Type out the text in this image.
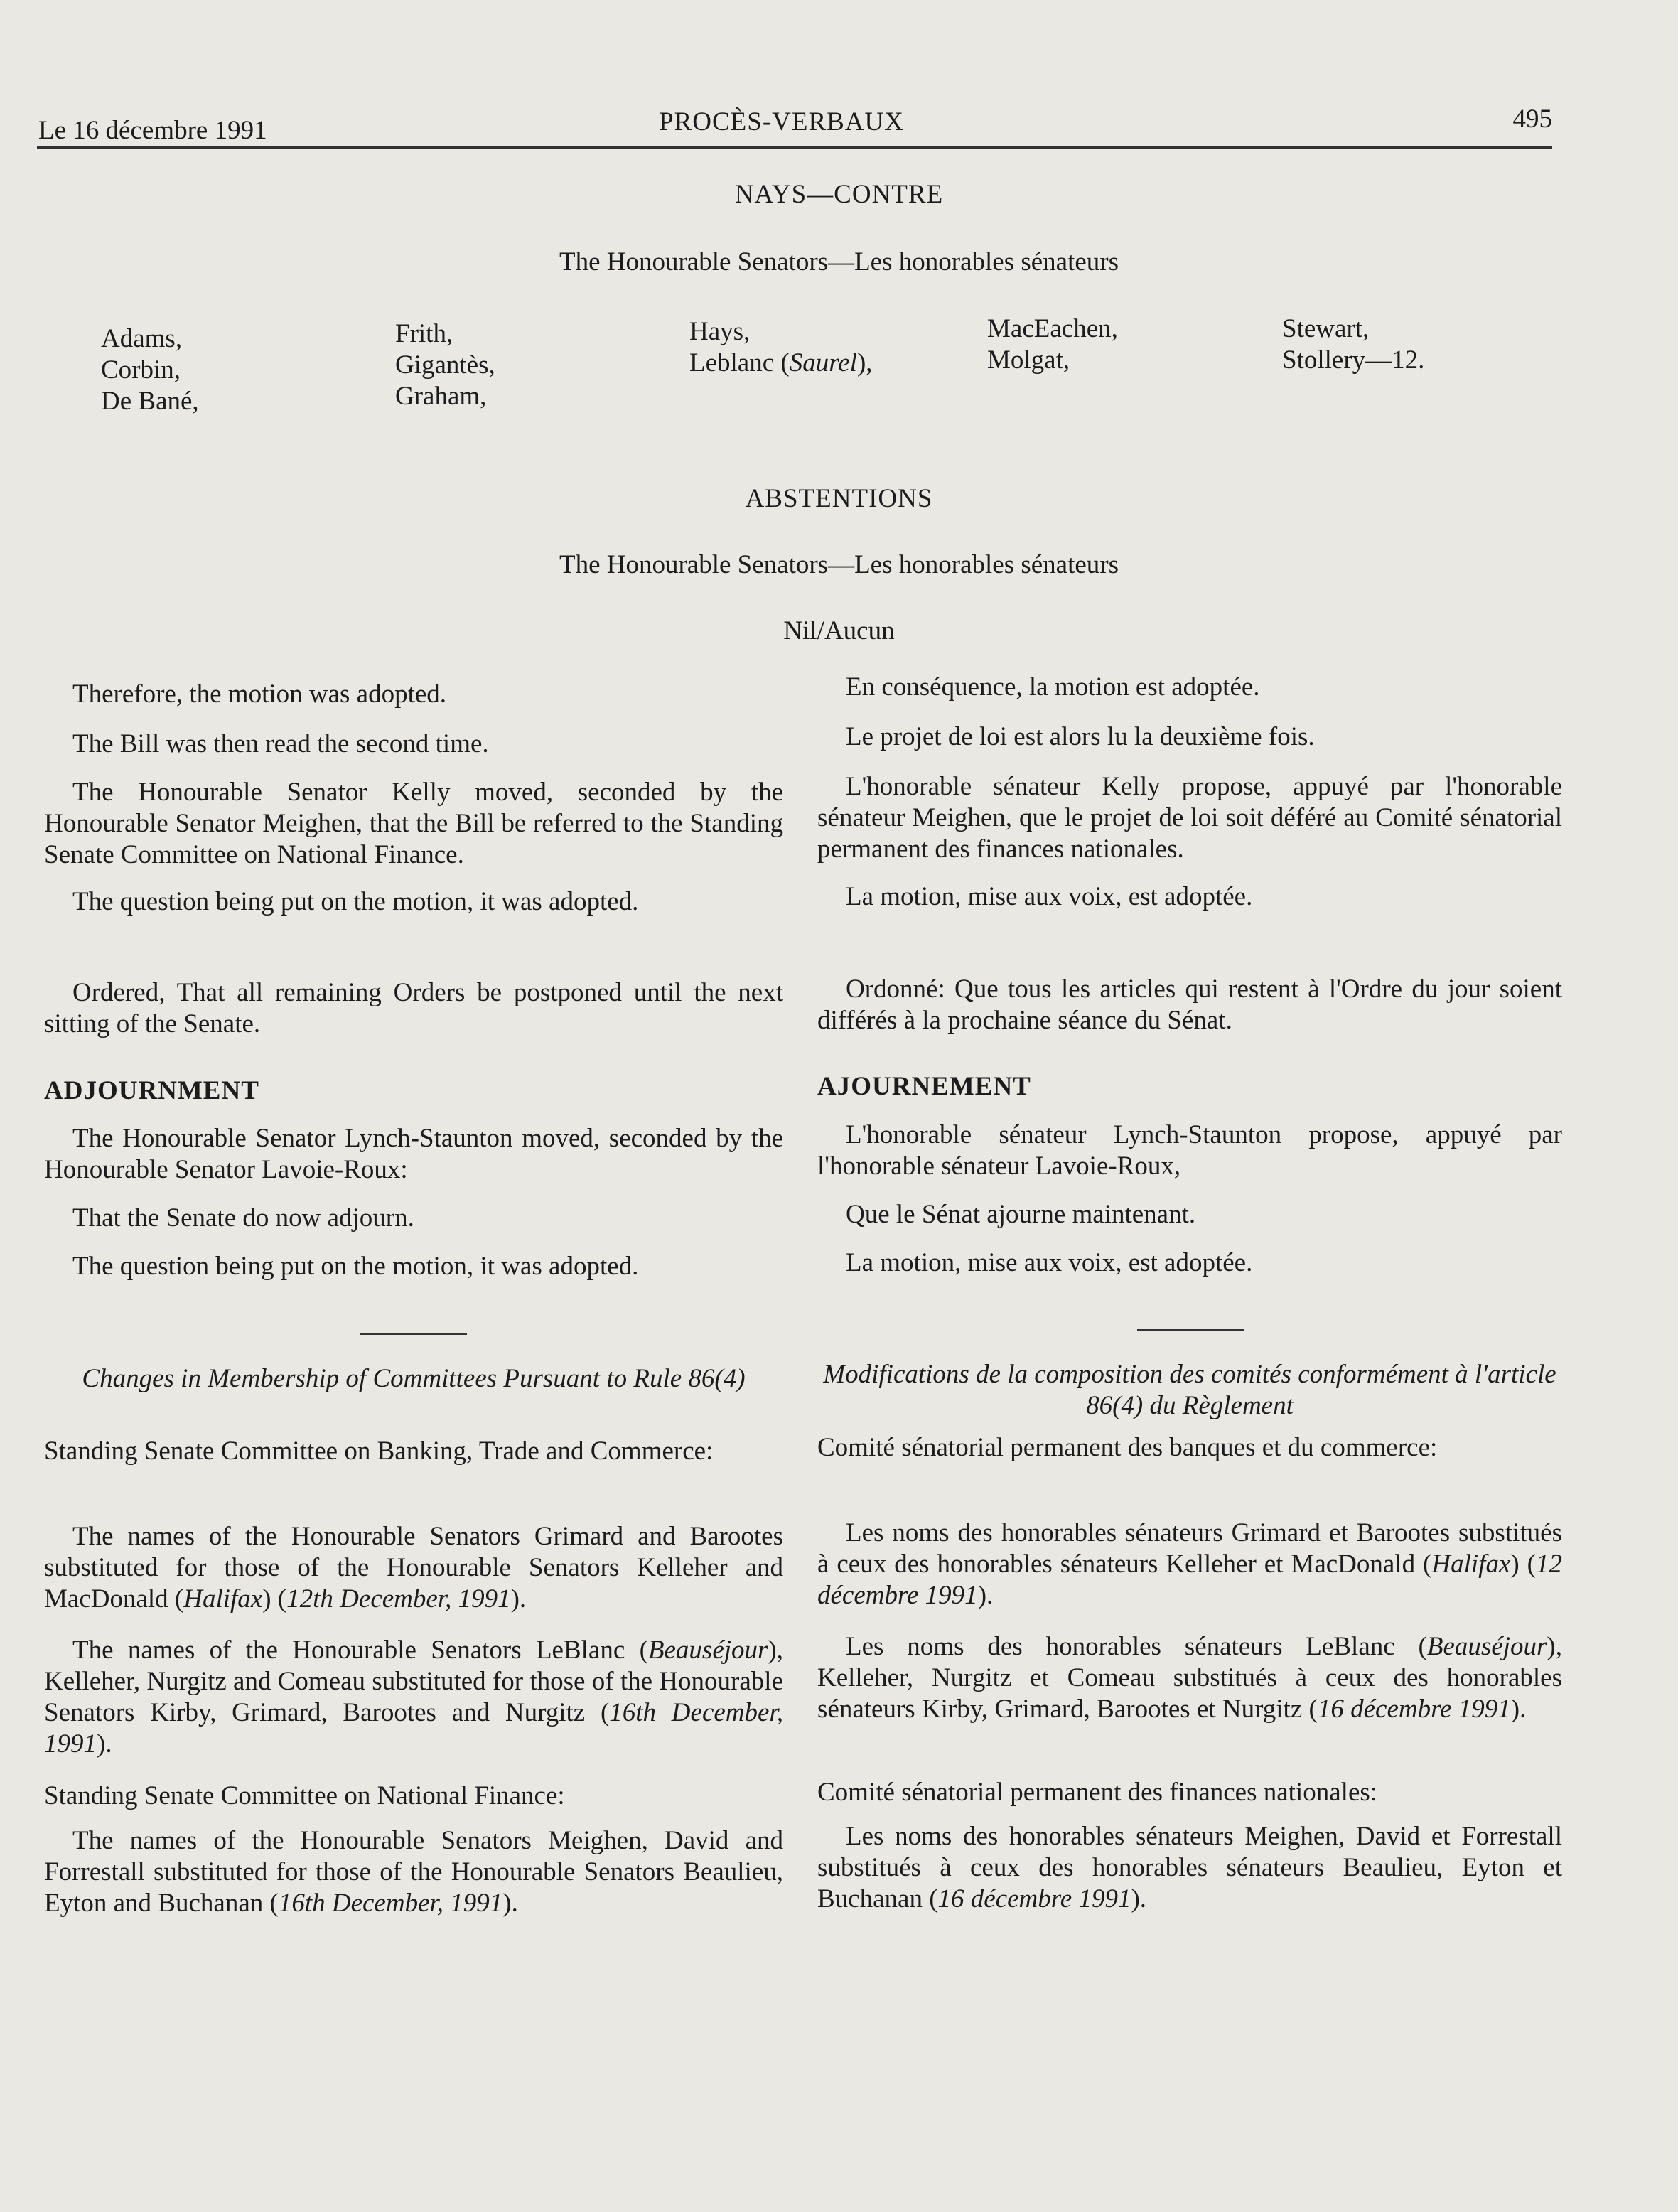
Le 16 décembre 1991	PROCÈS-VERBAUX	495
NAYS—CONTRE
The Honourable Senators—Les honorables sénateurs
Adams,
Corbin,
De Bané,
Frith,
Gigantès,
Graham,
Hays,
Leblanc (Saurel),
MacEachen,
Molgat,
Stewart,
Stollery—12.
ABSTENTIONS
The Honourable Senators—Les honorables sénateurs
Nil/Aucun

Therefore, the motion was adopted.

The Bill was then read the second time.

The Honourable Senator Kelly moved, seconded by the Honourable Senator Meighen, that the Bill be referred to the Standing Senate Committee on National Finance.

The question being put on the motion, it was adopted.

Ordered, That all remaining Orders be postponed until the next sitting of the Senate.

ADJOURNMENT

The Honourable Senator Lynch-Staunton moved, seconded by the Honourable Senator Lavoie-Roux:

That the Senate do now adjourn.

The question being put on the motion, it was adopted.

Changes in Membership of Committees Pursuant to Rule 86(4)

Standing Senate Committee on Banking, Trade and Commerce:

The names of the Honourable Senators Grimard and Barootes substituted for those of the Honourable Senators Kelleher and MacDonald (Halifax) (12th December, 1991).

The names of the Honourable Senators LeBlanc (Beauséjour), Kelleher, Nurgitz and Comeau substituted for those of the Honourable Senators Kirby, Grimard, Barootes and Nurgitz (16th December, 1991).

Standing Senate Committee on National Finance:

The names of the Honourable Senators Meighen, David and Forrestall substituted for those of the Honourable Senators Beaulieu, Eyton and Buchanan (16th December, 1991).

En conséquence, la motion est adoptée.

Le projet de loi est alors lu la deuxième fois.

L'honorable sénateur Kelly propose, appuyé par l'honorable sénateur Meighen, que le projet de loi soit déféré au Comité sénatorial permanent des finances nationales.

La motion, mise aux voix, est adoptée.

Ordonné: Que tous les articles qui restent à l'Ordre du jour soient différés à la prochaine séance du Sénat.

AJOURNEMENT

L'honorable sénateur Lynch-Staunton propose, appuyé par l'honorable sénateur Lavoie-Roux,

Que le Sénat ajourne maintenant.

La motion, mise aux voix, est adoptée.

Modifications de la composition des comités conformément à l'article 86(4) du Règlement

Comité sénatorial permanent des banques et du commerce:

Les noms des honorables sénateurs Grimard et Barootes substitués à ceux des honorables sénateurs Kelleher et MacDonald (Halifax) (12 décembre 1991).

Les noms des honorables sénateurs LeBlanc (Beauséjour), Kelleher, Nurgitz et Comeau substitués à ceux des honorables sénateurs Kirby, Grimard, Barootes et Nurgitz (16 décembre 1991).

Comité sénatorial permanent des finances nationales:

Les noms des honorables sénateurs Meighen, David et Forrestall substitués à ceux des honorables sénateurs Beaulieu, Eyton et Buchanan (16 décembre 1991).
